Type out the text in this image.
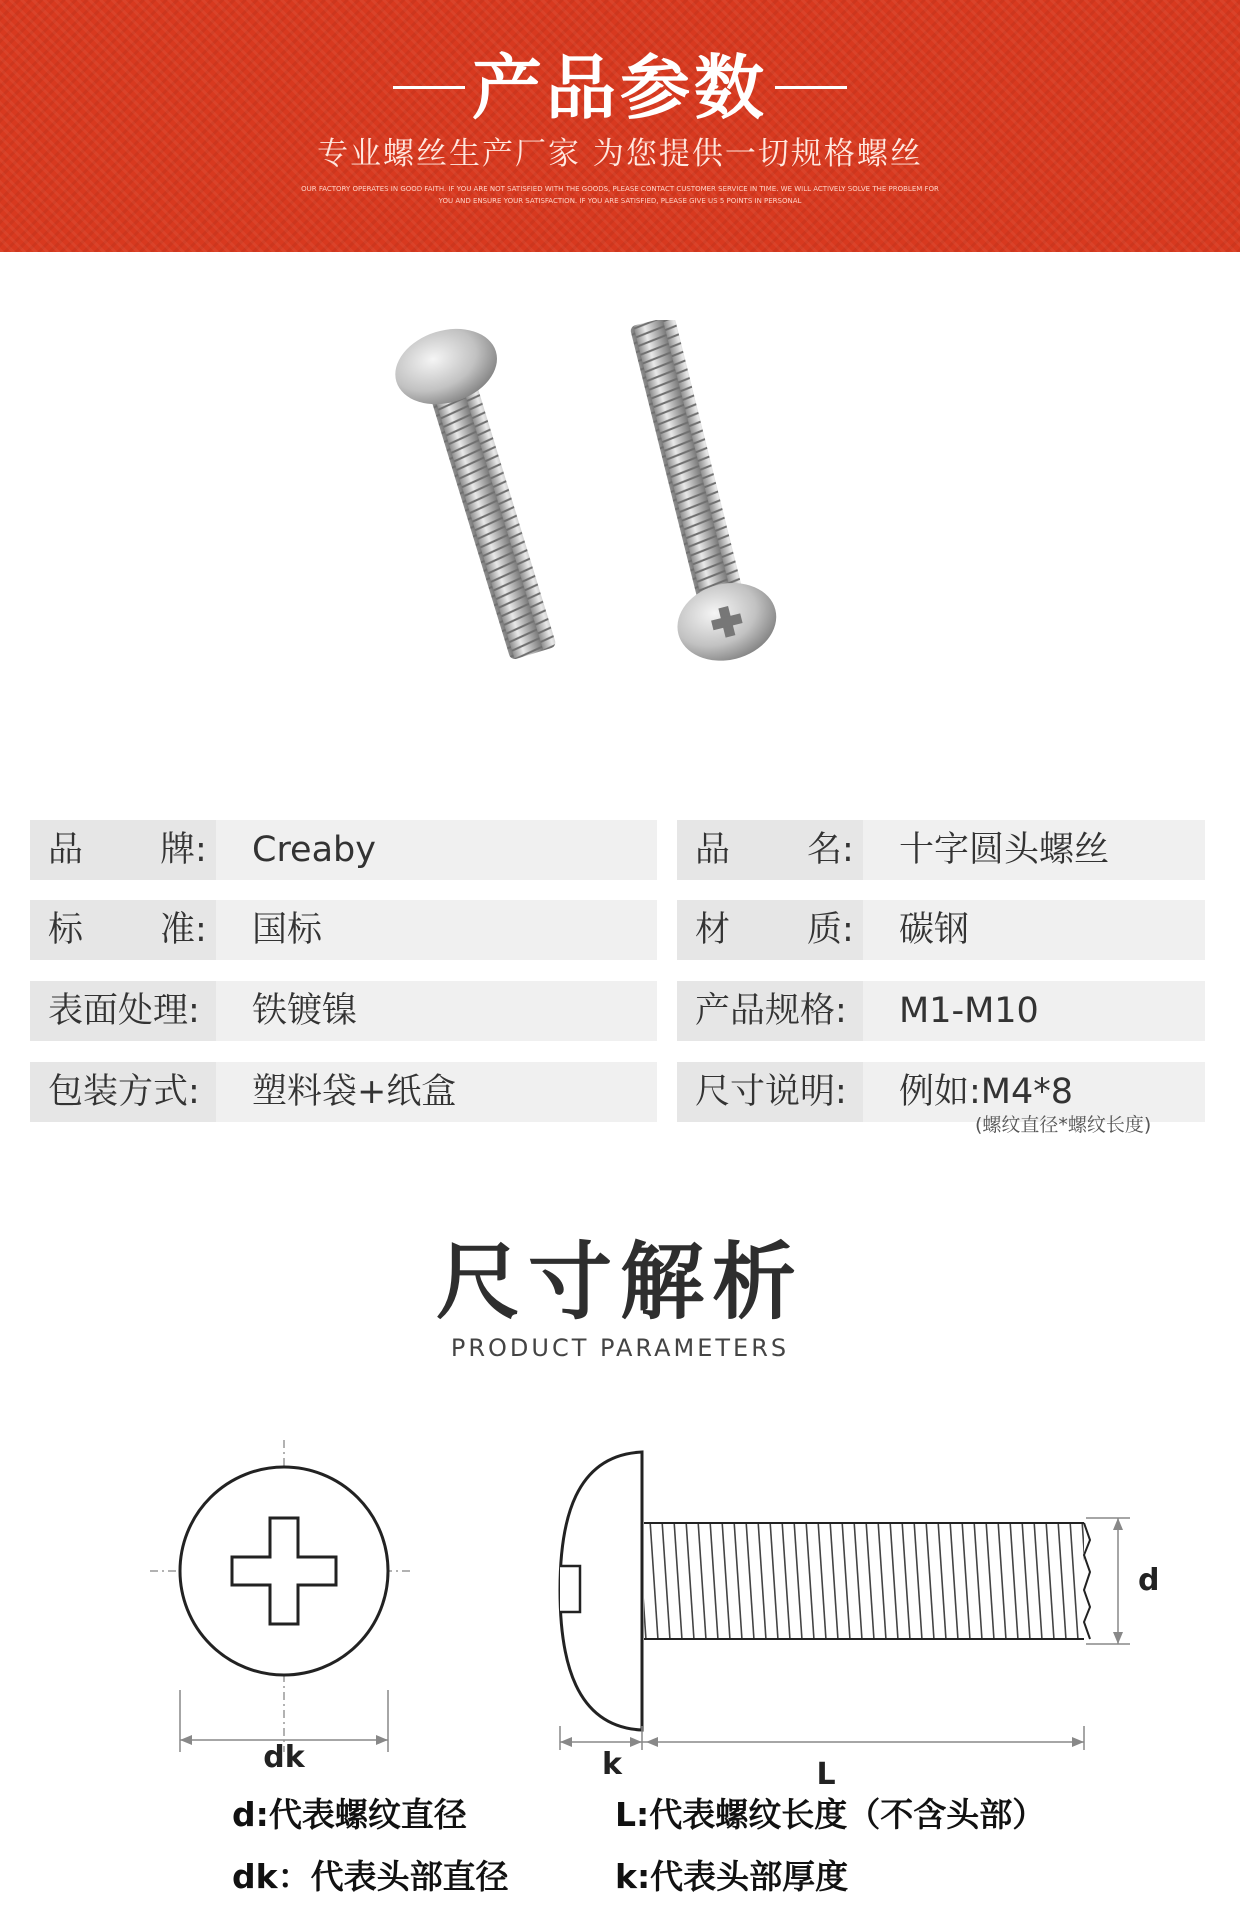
产品参数
专业螺丝生产厂家 为您提供一切规格螺丝
OUR FACTORY OPERATES IN GOOD FAITH. IF YOU ARE NOT SATISFIED WITH THE GOODS, PLEASE CONTACT CUSTOMER SERVICE IN TIME. WE WILL ACTIVELY SOLVE THE PROBLEM FOR YOU AND ENSURE YOUR SATISFACTION. IF YOU ARE SATISFIED, PLEASE GIVE US 5 POINTS IN PERSONAL
品 牌: Creaby
标 准: 国标
表面处理: 铁镀镍
包装方式: 塑料袋+纸盒
品 名: 十字圆头螺丝
材 质: 碳钢
产品规格: M1-M10
尺寸说明: 例如:M4*8
(螺纹直径*螺纹长度)
尺寸解析
PRODUCT PARAMETERS
dk
d
k	L
d:代表螺纹直径	L:代表螺纹长度（不含头部）
dk：代表头部直径	k:代表头部厚度
